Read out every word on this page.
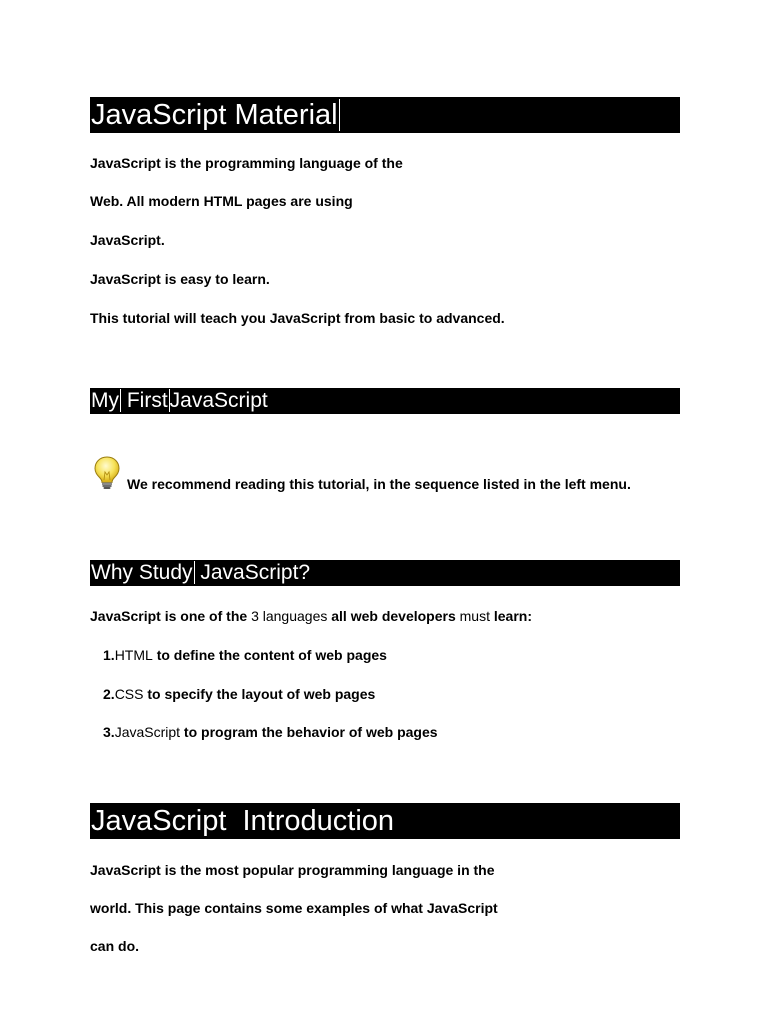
JavaScript Material

JavaScript is the programming language of the

Web. All modern HTML pages are using

JavaScript.

JavaScript is easy to learn.

This tutorial will teach you JavaScript from basic to advanced.

My FirstJavaScript

We recommend reading this tutorial, in the sequence listed in the left menu.

Why Study JavaScript?

JavaScript is one of the 3 languages all web developers must learn:

1.HTML to define the content of web pages
2.CSS to specify the layout of web pages
3.JavaScript to program the behavior of web pages
JavaScript  Introduction

JavaScript is the most popular programming language in the

world. This page contains some examples of what JavaScript

can do.
